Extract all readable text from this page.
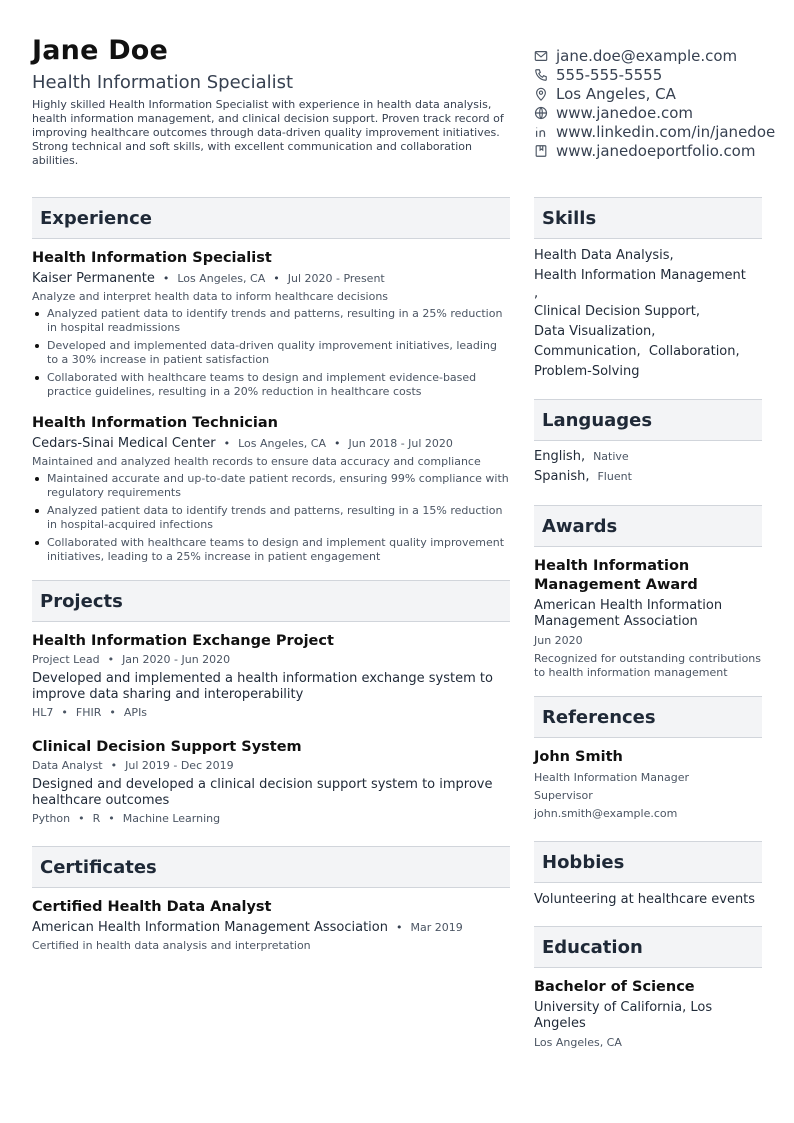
Jane Doe
Health Information Specialist

Highly skilled Health Information Specialist with experience in health data analysis, health information management, and clinical decision support. Proven track record of improving healthcare outcomes through data-driven quality improvement initiatives. Strong technical and soft skills, with excellent communication and collaboration abilities.

jane.doe@example.com
555-555-5555
Los Angeles, CA
www.janedoe.com
www.linkedin.com/in/janedoe
www.janedoeportfolio.com
Experience
Health Information Specialist
Kaiser Permanente • Los Angeles, CA • Jul 2020 - Present
Analyze and interpret health data to inform healthcare decisions
Analyzed patient data to identify trends and patterns, resulting in a 25% reduction in hospital readmissions
Developed and implemented data-driven quality improvement initiatives, leading to a 30% increase in patient satisfaction
Collaborated with healthcare teams to design and implement evidence-based practice guidelines, resulting in a 20% reduction in healthcare costs
Health Information Technician
Cedars-Sinai Medical Center • Los Angeles, CA • Jun 2018 - Jul 2020
Maintained and analyzed health records to ensure data accuracy and compliance
Maintained accurate and up-to-date patient records, ensuring 99% compliance with regulatory requirements
Analyzed patient data to identify trends and patterns, resulting in a 15% reduction in hospital-acquired infections
Collaborated with healthcare teams to design and implement quality improvement initiatives, leading to a 25% increase in patient engagement
Projects
Health Information Exchange Project
Project Lead • Jan 2020 - Jun 2020
Developed and implemented a health information exchange system to improve data sharing and interoperability
HL7 • FHIR • APIs
Clinical Decision Support System
Data Analyst • Jul 2019 - Dec 2019
Designed and developed a clinical decision support system to improve healthcare outcomes
Python • R • Machine Learning
Certificates
Certified Health Data Analyst
American Health Information Management Association • Mar 2019
Certified in health data analysis and interpretation
Skills
Health Data Analysis,
Health Information Management
,
Clinical Decision Support,
Data Visualization,
Communication,  Collaboration,
Problem-Solving
Languages
English, Native
Spanish, Fluent
Awards
Health Information Management Award
American Health Information Management Association
Jun 2020
Recognized for outstanding contributions to health information management
References
John Smith
Health Information Manager
Supervisor
john.smith@example.com
Hobbies
Volunteering at healthcare events
Education
Bachelor of Science
University of California, Los Angeles
Los Angeles, CA
